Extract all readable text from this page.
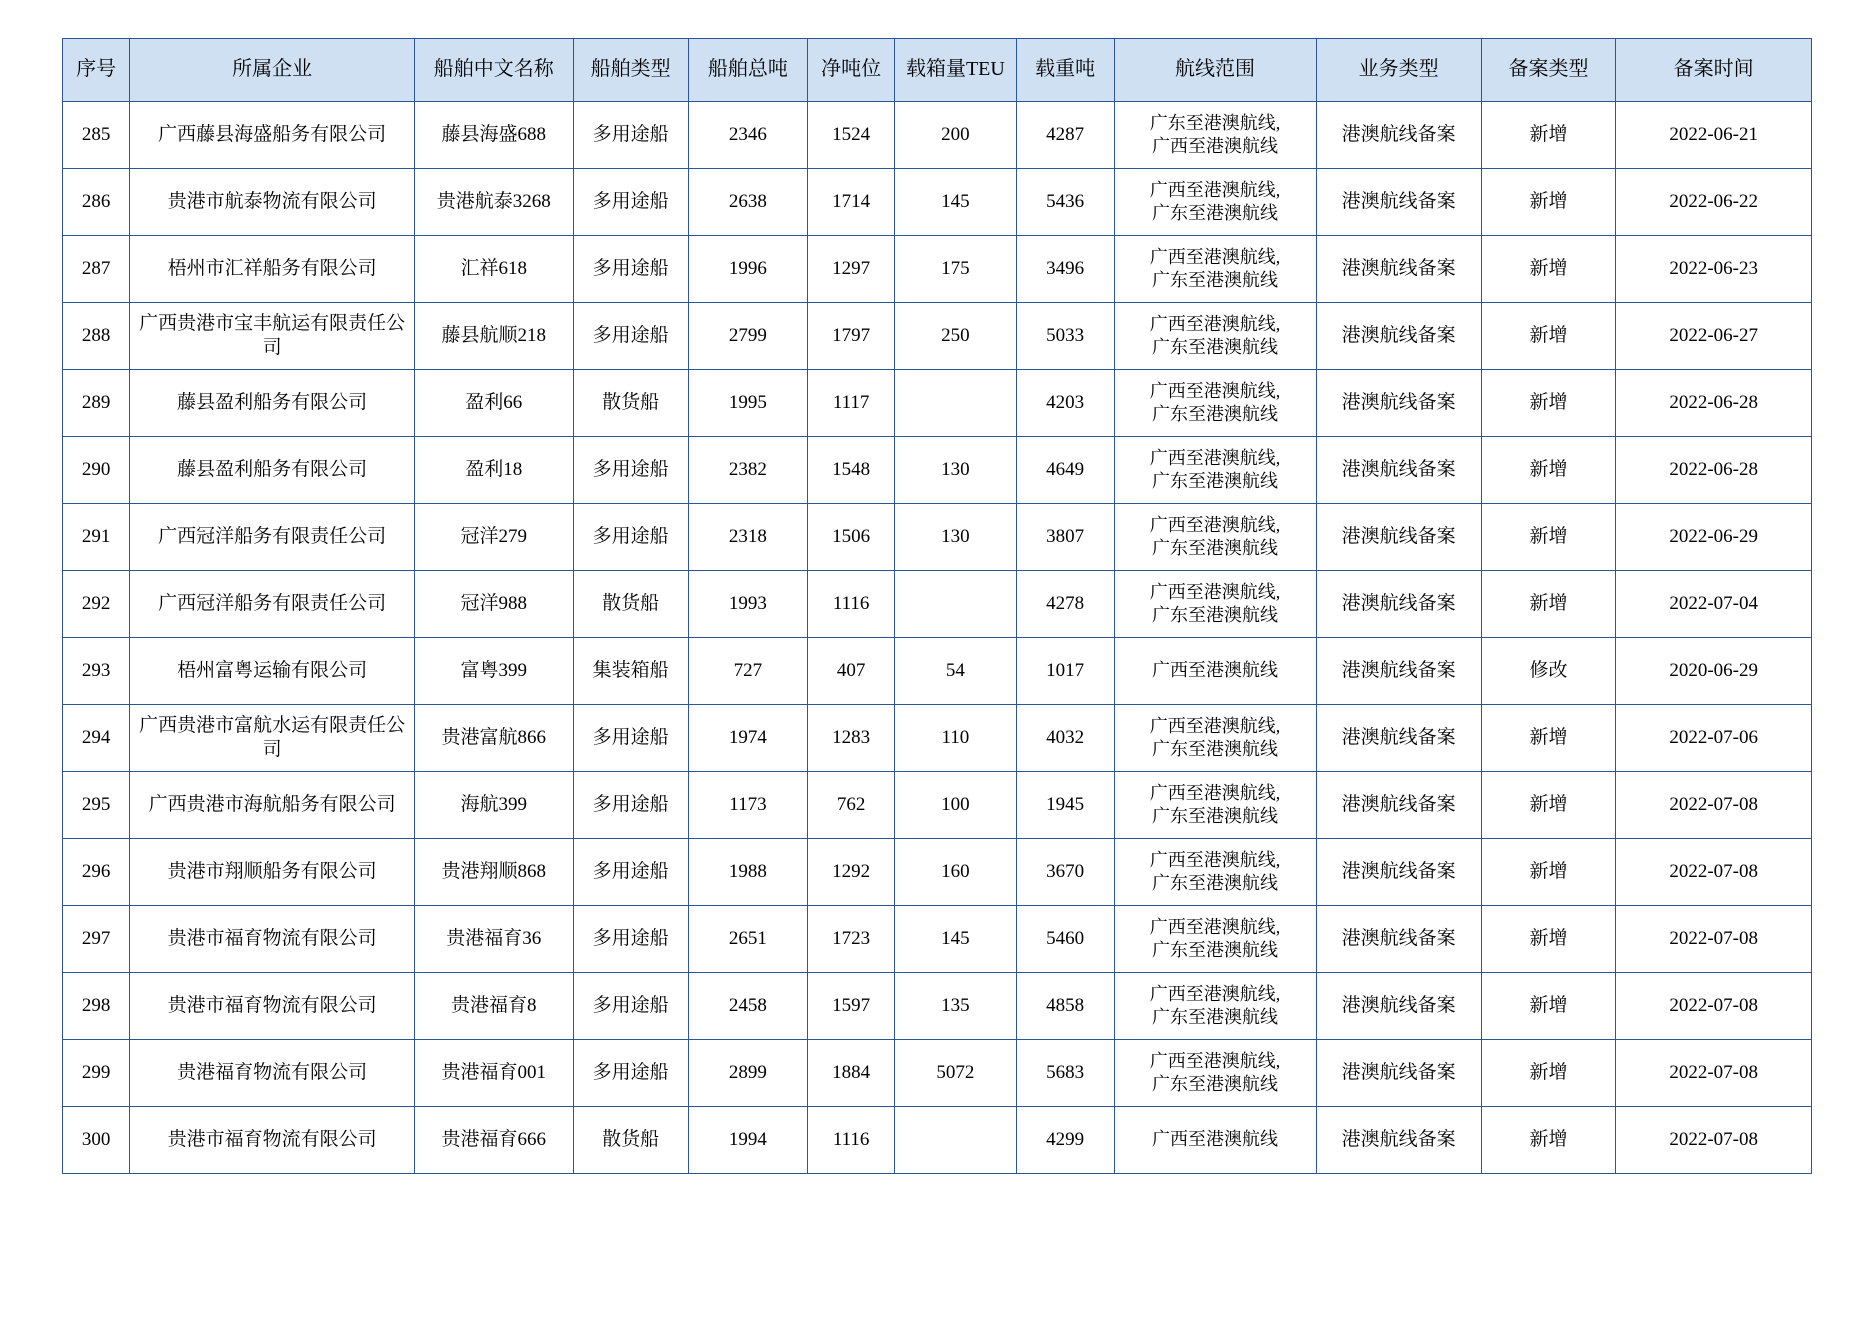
序号	所属企业	船舶中文名称	船舶类型	船舶总吨	净吨位	载箱量TEU	载重吨	航线范围	业务类型	备案类型	备案时间
285	广西藤县海盛船务有限公司	藤县海盛688	多用途船	2346	1524	200	4287	广东至港澳航线,
广西至港澳航线	港澳航线备案	新增	2022-06-21
286	贵港市航泰物流有限公司	贵港航泰3268	多用途船	2638	1714	145	5436	广西至港澳航线,
广东至港澳航线	港澳航线备案	新增	2022-06-22
287	梧州市汇祥船务有限公司	汇祥618	多用途船	1996	1297	175	3496	广西至港澳航线,
广东至港澳航线	港澳航线备案	新增	2022-06-23
288	广西贵港市宝丰航运有限责任公司	藤县航顺218	多用途船	2799	1797	250	5033	广西至港澳航线,
广东至港澳航线	港澳航线备案	新增	2022-06-27
289	藤县盈利船务有限公司	盈利66	散货船	1995	1117		4203	广西至港澳航线,
广东至港澳航线	港澳航线备案	新增	2022-06-28
290	藤县盈利船务有限公司	盈利18	多用途船	2382	1548	130	4649	广西至港澳航线,
广东至港澳航线	港澳航线备案	新增	2022-06-28
291	广西冠洋船务有限责任公司	冠洋279	多用途船	2318	1506	130	3807	广西至港澳航线,
广东至港澳航线	港澳航线备案	新增	2022-06-29
292	广西冠洋船务有限责任公司	冠洋988	散货船	1993	1116		4278	广西至港澳航线,
广东至港澳航线	港澳航线备案	新增	2022-07-04
293	梧州富粤运输有限公司	富粤399	集装箱船	727	407	54	1017	广西至港澳航线	港澳航线备案	修改	2020-06-29
294	广西贵港市富航水运有限责任公司	贵港富航866	多用途船	1974	1283	110	4032	广西至港澳航线,
广东至港澳航线	港澳航线备案	新增	2022-07-06
295	广西贵港市海航船务有限公司	海航399	多用途船	1173	762	100	1945	广西至港澳航线,
广东至港澳航线	港澳航线备案	新增	2022-07-08
296	贵港市翔顺船务有限公司	贵港翔顺868	多用途船	1988	1292	160	3670	广西至港澳航线,
广东至港澳航线	港澳航线备案	新增	2022-07-08
297	贵港市福育物流有限公司	贵港福育36	多用途船	2651	1723	145	5460	广西至港澳航线,
广东至港澳航线	港澳航线备案	新增	2022-07-08
298	贵港市福育物流有限公司	贵港福育8	多用途船	2458	1597	135	4858	广西至港澳航线,
广东至港澳航线	港澳航线备案	新增	2022-07-08
299	贵港福育物流有限公司	贵港福育001	多用途船	2899	1884	5072	5683	广西至港澳航线,
广东至港澳航线	港澳航线备案	新增	2022-07-08
300	贵港市福育物流有限公司	贵港福育666	散货船	1994	1116		4299	广西至港澳航线	港澳航线备案	新增	2022-07-08
